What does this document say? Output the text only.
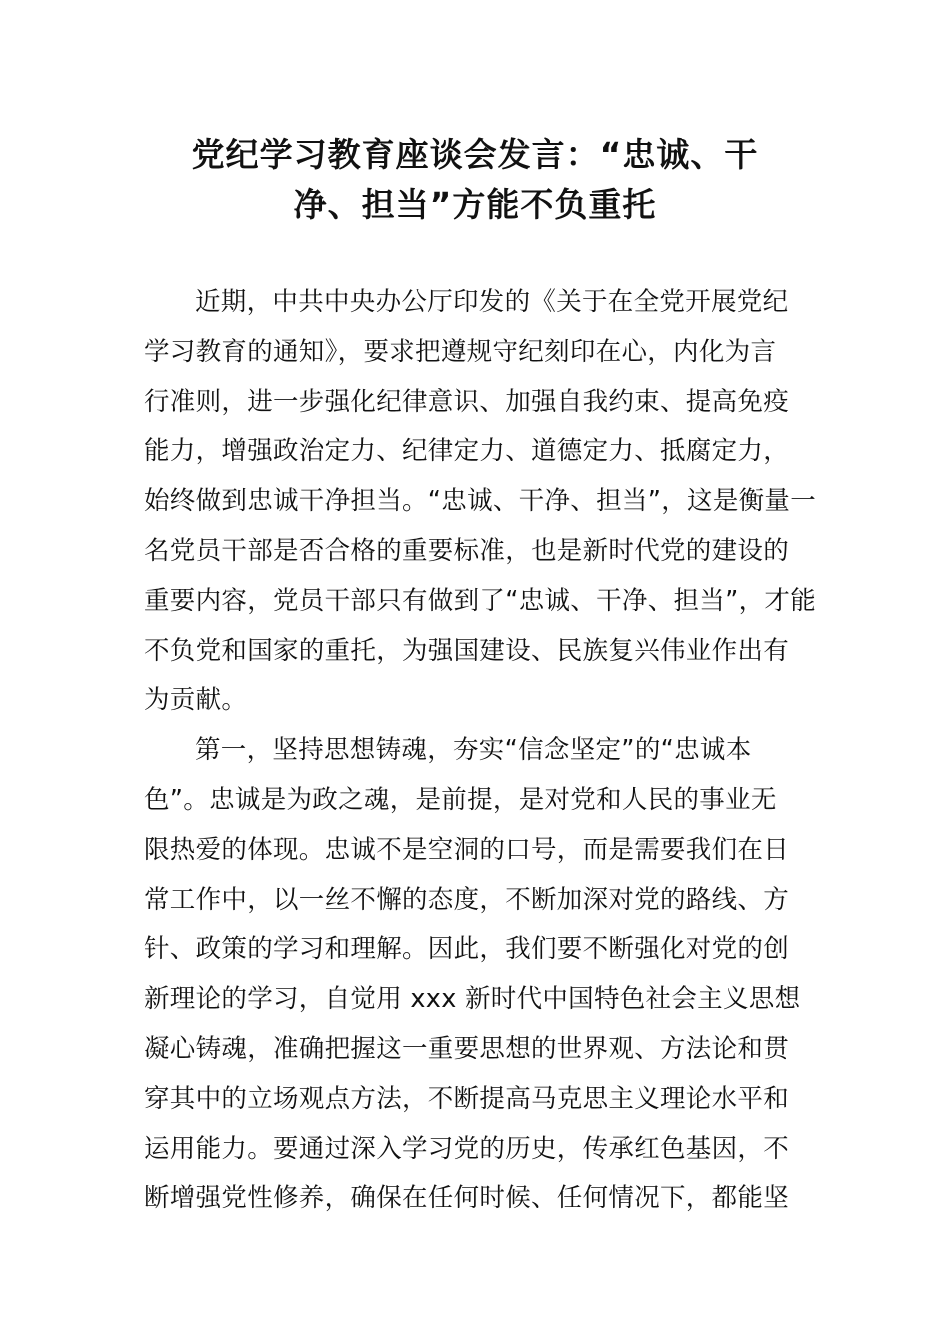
党纪学习教育座谈会发言：“忠诚、干
净、担当”方能不负重托

近期，中共中央办公厅印发的《关于在全党开展党纪
学习教育的通知》，要求把遵规守纪刻印在心，内化为言
行准则，进一步强化纪律意识、加强自我约束、提高免疫
能力，增强政治定力、纪律定力、道德定力、抵腐定力，
始终做到忠诚干净担当。“忠诚、干净、担当”，这是衡量一
名党员干部是否合格的重要标准，也是新时代党的建设的
重要内容，党员干部只有做到了“忠诚、干净、担当”，才能
不负党和国家的重托，为强国建设、民族复兴伟业作出有
为贡献。

第一，坚持思想铸魂，夯实“信念坚定”的“忠诚本
色”。忠诚是为政之魂，是前提，是对党和人民的事业无
限热爱的体现。忠诚不是空洞的口号，而是需要我们在日
常工作中，以一丝不懈的态度，不断加深对党的路线、方
针、政策的学习和理解。因此，我们要不断强化对党的创
新理论的学习，自觉用 xxx 新时代中国特色社会主义思想
凝心铸魂，准确把握这一重要思想的世界观、方法论和贯
穿其中的立场观点方法，不断提高马克思主义理论水平和
运用能力。要通过深入学习党的历史，传承红色基因，不
断增强党性修养，确保在任何时候、任何情况下，都能坚
